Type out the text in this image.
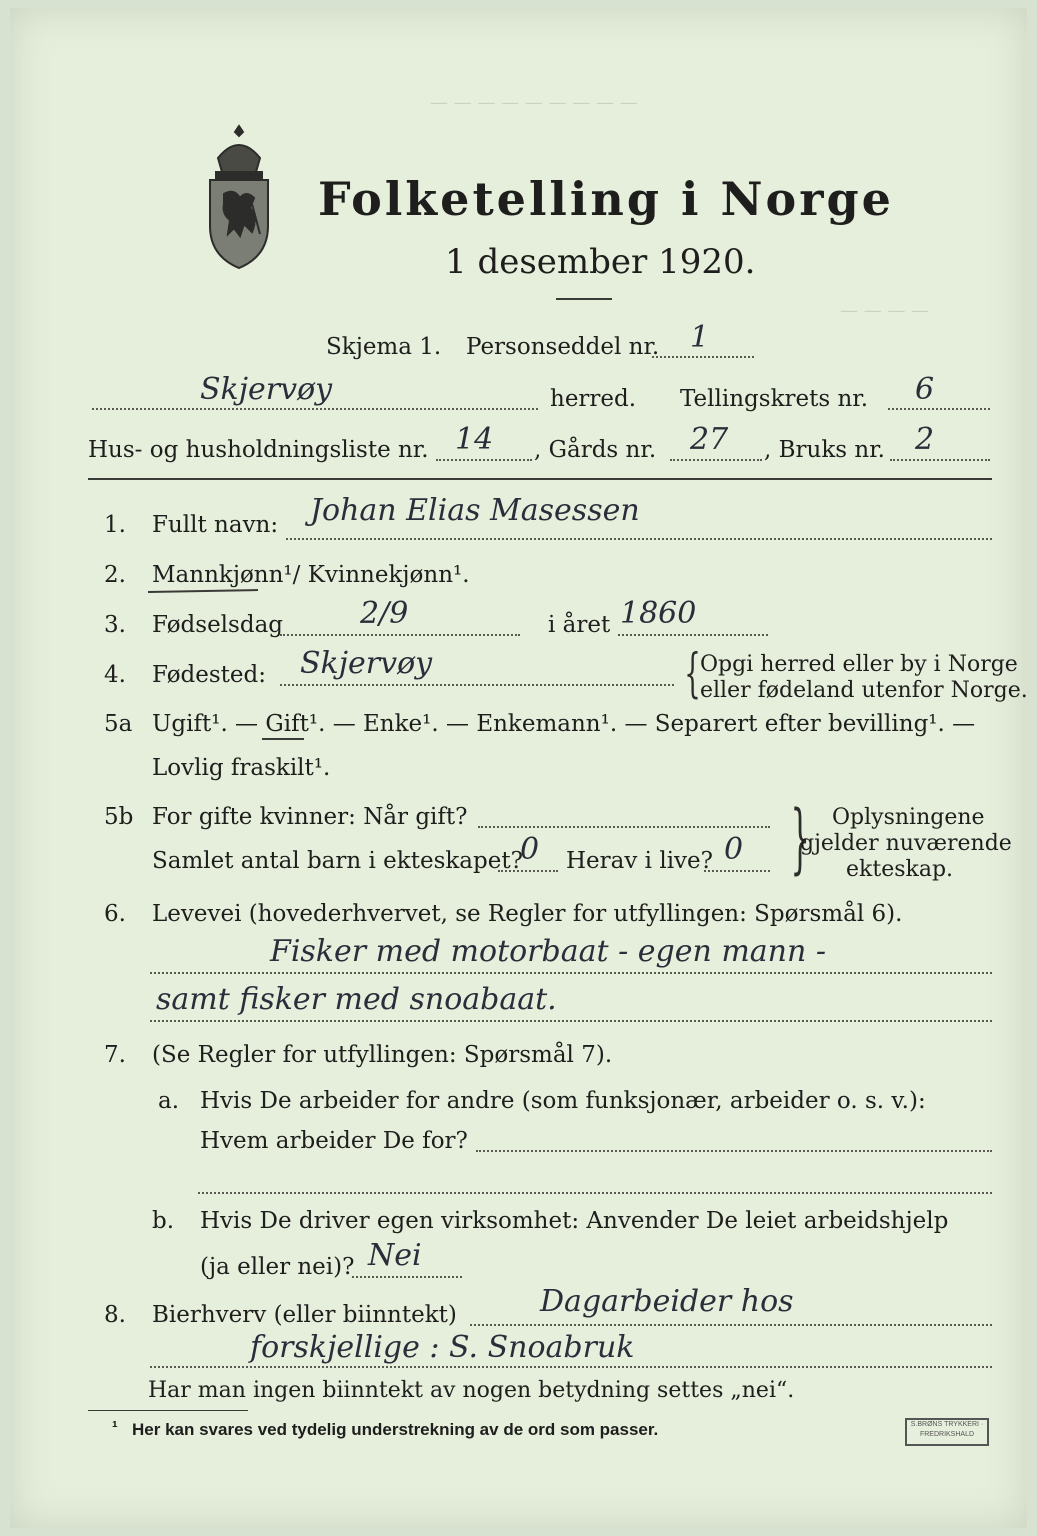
— — — — — — — — —
— — — —
Folketelling i Norge
1 desember 1920.
Skjema 1. Personseddel nr. 1
Skjervøy	herred. Tellingskrets nr. 6
Hus- og husholdningsliste nr. 14 , Gårds nr. 27 , Bruks nr. 2
1. Fullt navn: Johan Elias Masessen
2. Mannkjønn¹/ Kvinnekjønn¹.
3. Fødselsdag	2/9	i året 1860
4. Fødested: Skjervøy	{ Opgi herred eller by i Norge
eller fødeland utenfor Norge.
5a Ugift¹. — Gift¹. — Enke¹. — Enkemann¹. — Separert efter bevilling¹. —
Lovlig fraskilt¹.
5b For gifte kvinner: Når gift?
Samlet antal barn i ekteskapet?
0 Herav i live? 0 } Oplysningene
gjelder nuværende
ekteskap.
6. Levevei (hovederhvervet, se Regler for utfyllingen: Spørsmål 6).
Fisker med motorbaat - egen mann -
samt fisker med snoabaat.
7. (Se Regler for utfyllingen: Spørsmål 7).
a. Hvis De arbeider for andre (som funksjonær, arbeider o. s. v.):
Hvem arbeider De for?
b. Hvis De driver egen virksomhet: Anvender De leiet arbeidshjelp
(ja eller nei)? Nei
8. Bierhverv (eller biinntekt)	Dagarbeider hos
forskjellige : S. Snoabruk
Har man ingen biinntekt av nogen betydning settes „nei“.
¹ Her kan svares ved tydelig understrekning av de ord som passer.	S.BRØNS TRYKKERI · FREDRIKSHALD
